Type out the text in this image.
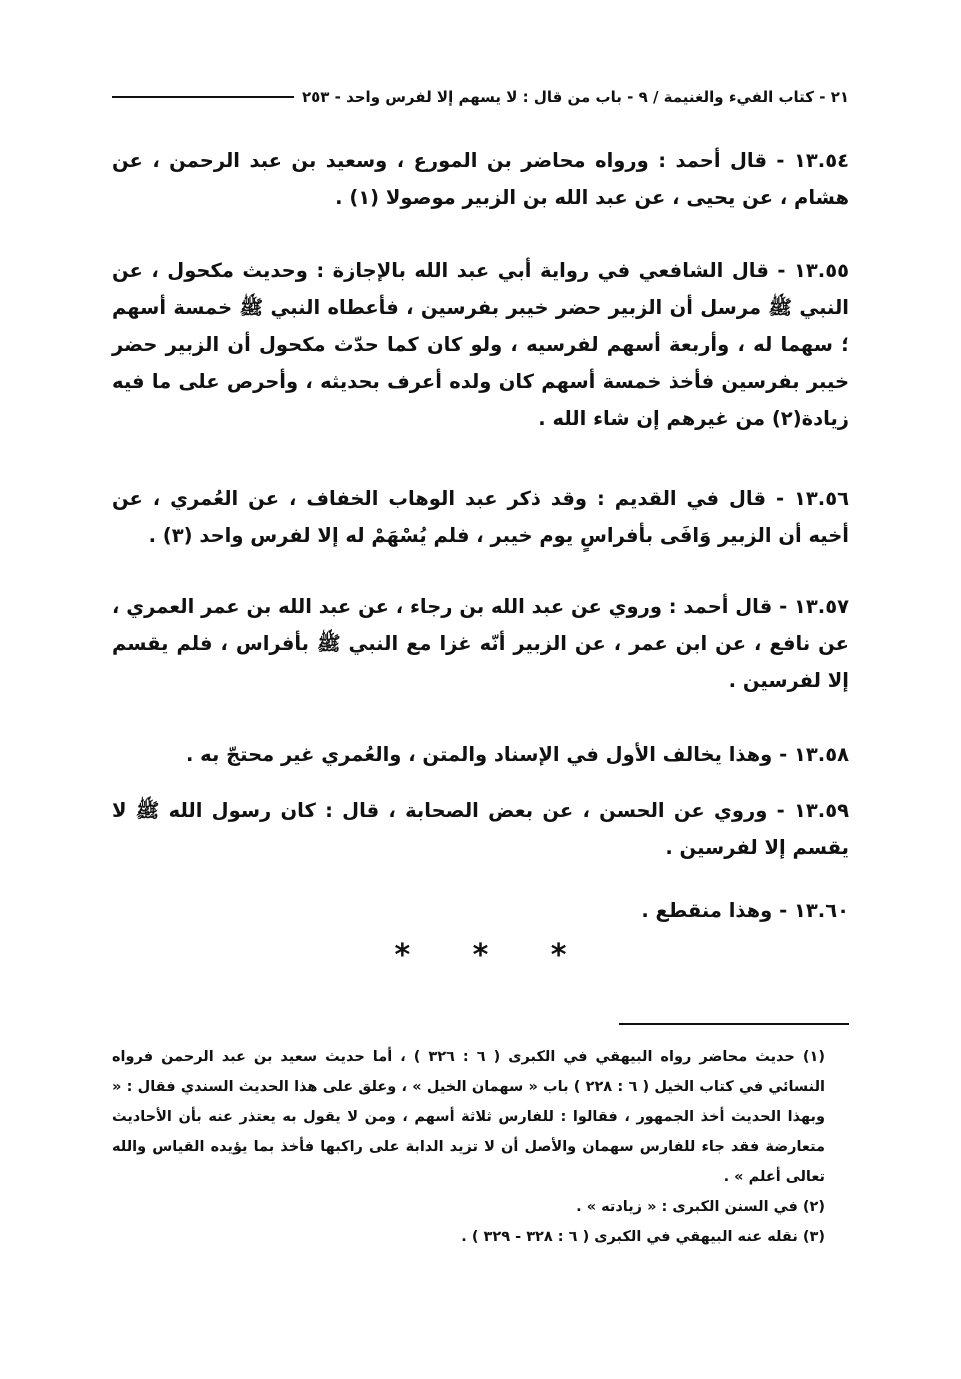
٢١ - كتاب الفيء والغنيمة / ٩ - باب من قال : لا يسهم إلا لفرس واحد - ٢٥٣

١٣.٥٤ - قال أحمد : ورواه محاضر بن المورع ، وسعيد بن عبد الرحمن ، عن هشام ، عن يحيى ، عن عبد الله بن الزبير موصولا (١) .

١٣.٥٥ - قال الشافعي في رواية أبي عبد الله بالإجازة : وحديث مكحول ، عن النبي ﷺ مرسل أن الزبير حضر خيبر بفرسين ، فأعطاه النبي ﷺ خمسة أسهم ؛ سهما له ، وأربعة أسهم لفرسيه ، ولو كان كما حدّث مكحول أن الزبير حضر خيبر بفرسين فأخذ خمسة أسهم كان ولده أعرف بحديثه ، وأحرص على ما فيه زيادة(٢) من غيرهم إن شاء الله .

١٣.٥٦ - قال في القديم : وقد ذكر عبد الوهاب الخفاف ، عن العُمري ، عن أخيه أن الزبير وَافَى بأفراسٍ يوم خيبر ، فلم يُسْهَمْ له إلا لفرس واحد (٣) .

١٣.٥٧ - قال أحمد : وروي عن عبد الله بن رجاء ، عن عبد الله بن عمر العمري ، عن نافع ، عن ابن عمر ، عن الزبير أنّه غزا مع النبي ﷺ بأفراس ، فلم يقسم إلا لفرسين .

١٣.٥٨ - وهذا يخالف الأول في الإسناد والمتن ، والعُمري غير محتجّ به .

١٣.٥٩ - وروي عن الحسن ، عن بعض الصحابة ، قال : كان رسول الله ﷺ لا يقسم إلا لفرسين .

١٣.٦٠ - وهذا منقطع .

* * *

(١) حديث محاضر رواه البيهقي في الكبرى ( ٦ : ٣٢٦ ) ، أما حديث سعيد بن عبد الرحمن فرواه النسائي في كتاب الخيل ( ٦ : ٢٢٨ ) باب « سهمان الخيل » ، وعلق على هذا الحديث السندي فقال : « وبهذا الحديث أخذ الجمهور ، فقالوا : للفارس ثلاثة أسهم ، ومن لا يقول به يعتذر عنه بأن الأحاديث متعارضة فقد جاء للفارس سهمان والأصل أن لا تزيد الدابة على راكبها فأخذ بما يؤيده القياس والله تعالى أعلم » .

(٢) في السنن الكبرى : « زيادته » .

(٣) نقله عنه البيهقي في الكبرى ( ٦ : ٣٢٨ - ٣٢٩ ) .
